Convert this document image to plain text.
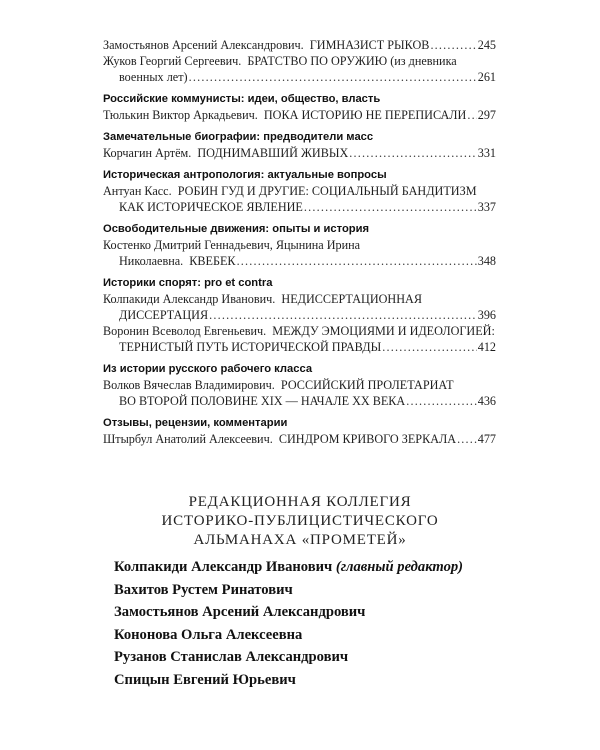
Замостьянов Арсений Александрович.  ГИМНАЗИСТ РЫКОВ .....	245
Жуков Георгий Сергеевич.  БРАТСТВО ПО ОРУЖИЮ (из дневника
военных лет) .....	261
Российские коммунисты: идеи, общество, власть
Тюлькин Виктор Аркадьевич.  ПОКА ИСТОРИЮ НЕ ПЕРЕПИСАЛИ ..... 297
Замечательные биографии: предводители масс
Корчагин Артём.  ПОДНИМАВШИЙ ЖИВЫХ .....	331
Историческая антропология: актуальные вопросы
Антуан Касс.  РОБИН ГУД И ДРУГИЕ: СОЦИАЛЬНЫЙ БАНДИТИЗМ
КАК ИСТОРИЧЕСКОЕ ЯВЛЕНИЕ .....	337
Освободительные движения: опыты и история
Костенко Дмитрий Геннадьевич, Яцынина Ирина
Николаевна.  КВЕБЕК .....	348
Историки спорят: pro et contra
Колпакиди Александр Иванович.  НЕДИССЕРТАЦИОННАЯ
ДИССЕРТАЦИЯ .....	396
Воронин Всеволод Евгеньевич.  МЕЖДУ ЭМОЦИЯМИ И ИДЕОЛОГИЕЙ:
ТЕРНИСТЫЙ ПУТЬ ИСТОРИЧЕСКОЙ ПРАВДЫ .....	412
Из истории русского рабочего класса
Волков Вячеслав Владимирович.  РОССИЙСКИЙ ПРОЛЕТАРИАТ
ВО ВТОРОЙ ПОЛОВИНЕ XIX — НАЧАЛЕ XX ВЕКА .....	436
Отзывы, рецензии, комментарии
Штырбул Анатолий Алексеевич.  СИНДРОМ КРИВОГО ЗЕРКАЛА ..... 477
РЕДАКЦИОННАЯ КОЛЛЕГИЯ
ИСТОРИКО-ПУБЛИЦИСТИЧЕСКОГО
АЛЬМАНАХА «ПРОМЕТЕЙ»
Колпакиди Александр Иванович (главный редактор)
Вахитов Рустем Ринатович
Замостьянов Арсений Александрович
Кононова Ольга Алексеевна
Рузанов Станислав Александрович
Спицын Евгений Юрьевич
